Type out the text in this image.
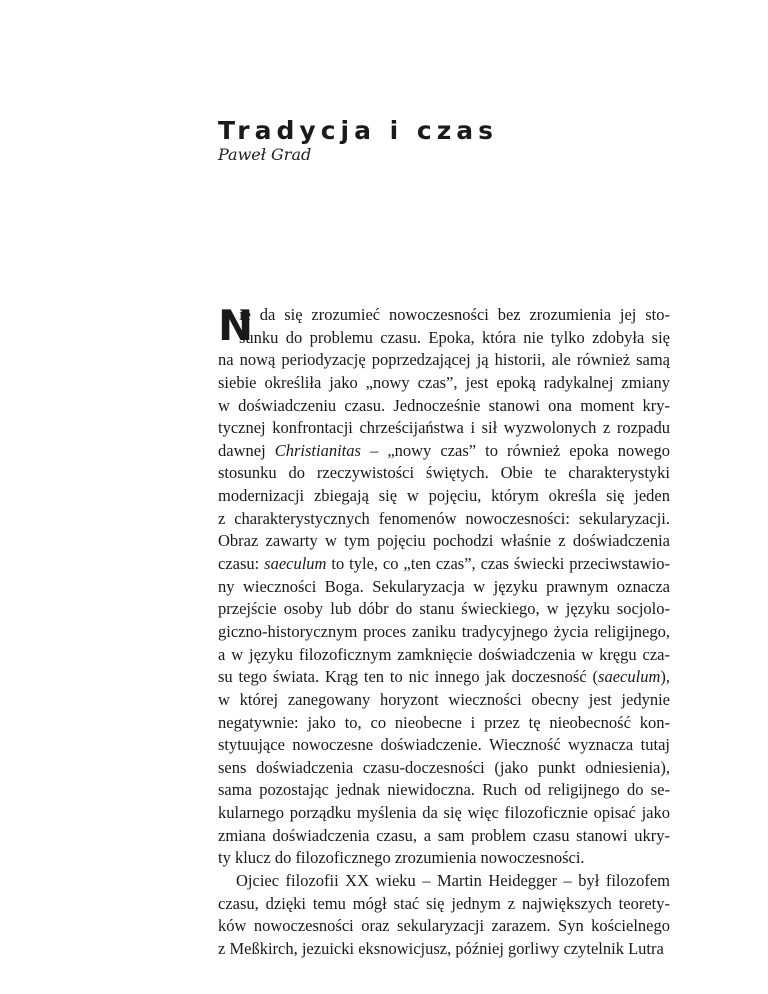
Tradycja i czas
Paweł Grad
N
ie da się zrozumieć nowoczesności bez zrozumienia jej sto-
sunku do problemu czasu. Epoka, która nie tylko zdobyła się
na nową periodyzację poprzedzającej ją historii, ale również samą
siebie określiła jako „nowy czas”, jest epoką radykalnej zmiany
w doświadczeniu czasu. Jednocześnie stanowi ona moment kry-
tycznej konfrontacji chrześcijaństwa i sił wyzwolonych z rozpadu
dawnej Christianitas – „nowy czas” to również epoka nowego
stosunku do rzeczywistości świętych. Obie te charakterystyki
modernizacji zbiegają się w pojęciu, którym określa się jeden
z charakterystycznych fenomenów nowoczesności: sekularyzacji.
Obraz zawarty w tym pojęciu pochodzi właśnie z doświadczenia
czasu: saeculum to tyle, co „ten czas”, czas świecki przeciwstawio-
ny wieczności Boga. Sekularyzacja w języku prawnym oznacza
przejście osoby lub dóbr do stanu świeckiego, w języku socjolo-
giczno-historycznym proces zaniku tradycyjnego życia religijnego,
a w języku filozoficznym zamknięcie doświadczenia w kręgu cza-
su tego świata. Krąg ten to nic innego jak doczesność (saeculum),
w której zanegowany horyzont wieczności obecny jest jedynie
negatywnie: jako to, co nieobecne i przez tę nieobecność kon-
stytuujące nowoczesne doświadczenie. Wieczność wyznacza tutaj
sens doświadczenia czasu-doczesności (jako punkt odniesienia),
sama pozostając jednak niewidoczna. Ruch od religijnego do se-
kularnego porządku myślenia da się więc filozoficznie opisać jako
zmiana doświadczenia czasu, a sam problem czasu stanowi ukry-
ty klucz do filozoficznego zrozumienia nowoczesności.
Ojciec filozofii XX wieku – Martin Heidegger – był filozofem
czasu, dzięki temu mógł stać się jednym z największych teorety-
ków nowoczesności oraz sekularyzacji zarazem. Syn kościelnego
z Meßkirch, jezuicki eksnowicjusz, później gorliwy czytelnik Lutra
